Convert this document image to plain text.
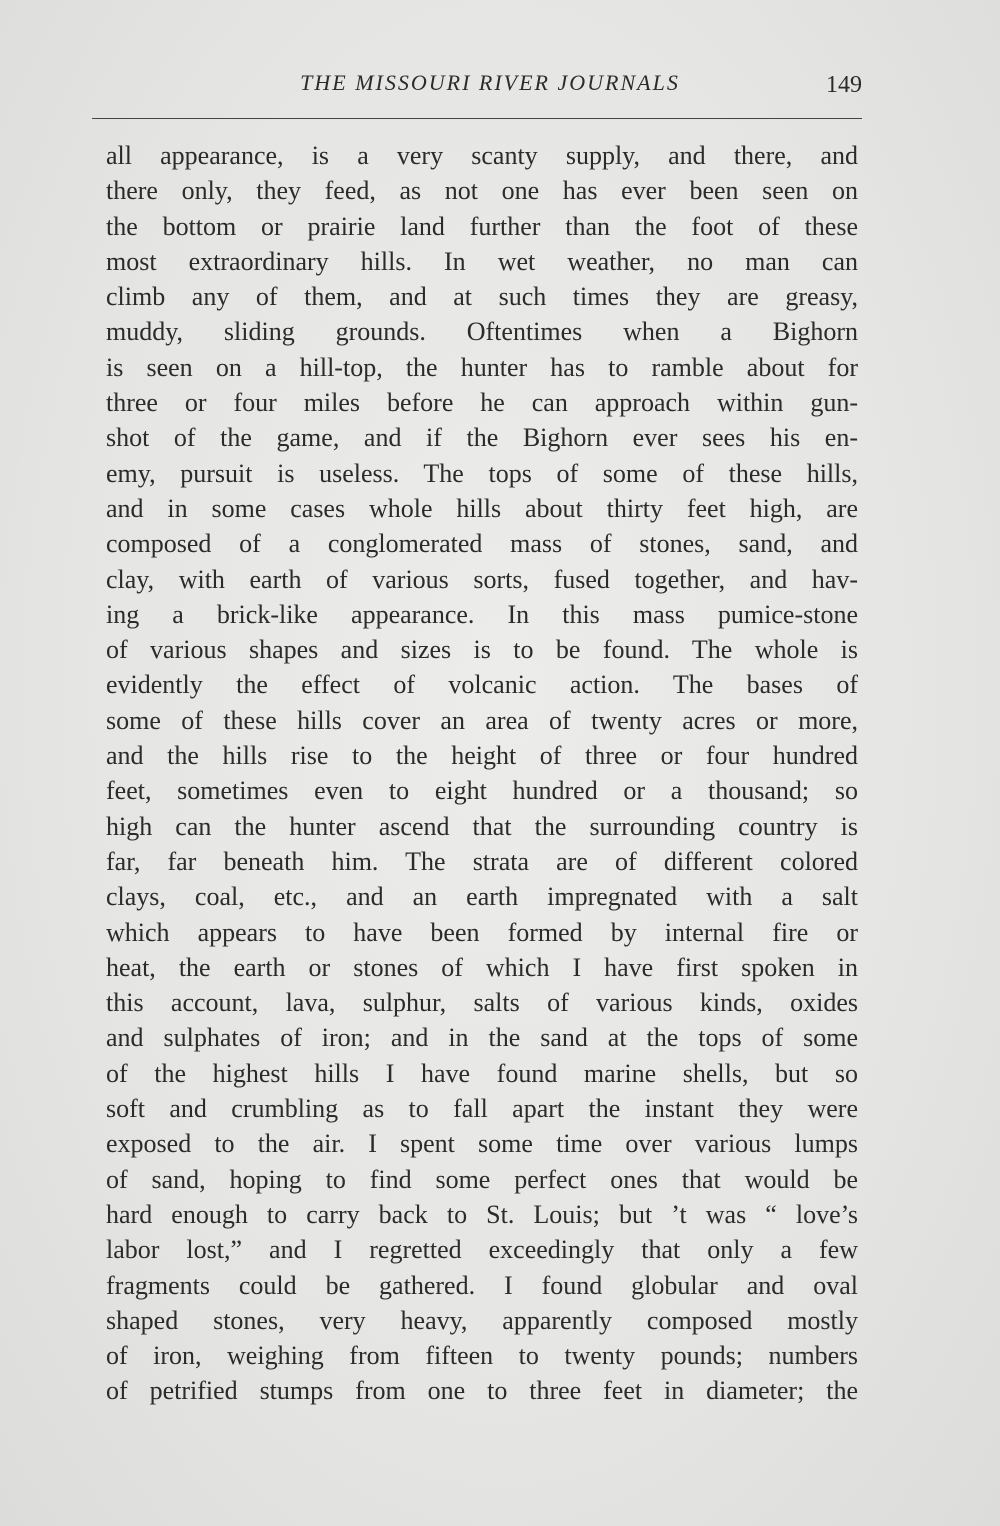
THE MISSOURI RIVER JOURNALS	149
all appearance, is a very scanty supply, and there, and
there only, they feed, as not one has ever been seen on
the bottom or prairie land further than the foot of these
most extraordinary hills. In wet weather, no man can
climb any of them, and at such times they are greasy,
muddy, sliding grounds. Oftentimes when a Bighorn
is seen on a hill-top, the hunter has to ramble about for
three or four miles before he can approach within gun-
shot of the game, and if the Bighorn ever sees his en-
emy, pursuit is useless. The tops of some of these hills,
and in some cases whole hills about thirty feet high, are
composed of a conglomerated mass of stones, sand, and
clay, with earth of various sorts, fused together, and hav-
ing a brick-like appearance. In this mass pumice-stone
of various shapes and sizes is to be found. The whole is
evidently the effect of volcanic action. The bases of
some of these hills cover an area of twenty acres or more,
and the hills rise to the height of three or four hundred
feet, sometimes even to eight hundred or a thousand; so
high can the hunter ascend that the surrounding country is
far, far beneath him. The strata are of different colored
clays, coal, etc., and an earth impregnated with a salt
which appears to have been formed by internal fire or
heat, the earth or stones of which I have first spoken in
this account, lava, sulphur, salts of various kinds, oxides
and sulphates of iron; and in the sand at the tops of some
of the highest hills I have found marine shells, but so
soft and crumbling as to fall apart the instant they were
exposed to the air. I spent some time over various lumps
of sand, hoping to find some perfect ones that would be
hard enough to carry back to St. Louis; but ’t was “ love’s
labor lost,” and I regretted exceedingly that only a few
fragments could be gathered. I found globular and oval
shaped stones, very heavy, apparently composed mostly
of iron, weighing from fifteen to twenty pounds; numbers
of petrified stumps from one to three feet in diameter; the
